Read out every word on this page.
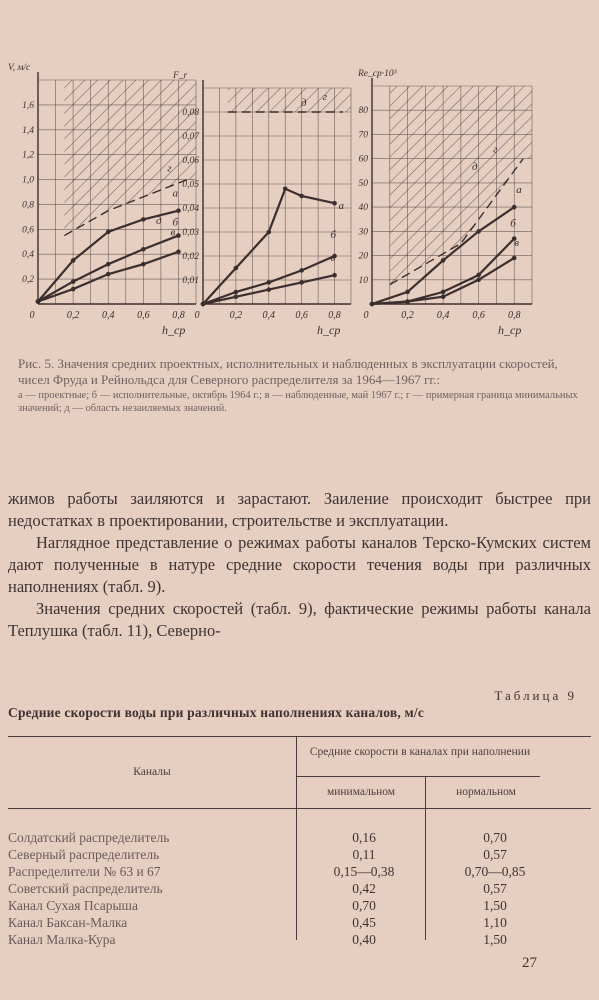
0,2
0,4
0,6
0,8
1,0
1,2
1,4
1,6
0	0,2 0,4 0,6 0,8
V, м/с
h_ср
а
б
в
г
д
0,01
0,02
0,03
0,04
0,05
0,06
0,07
0,08
0	0,2 0,4 0,6 0,8
F_r
h_ср
а
б
в
г
д
10
20
30
40
50
60
70
80
0	0,2 0,4 0,6 0,8
Re_ср·10³
h_ср
а
б
в
г
д
Рис. 5. Значения средних проектных, исполнительных и наблюденных в эксплуатации скоростей, чисел Фруда и Рейнольдса для Северного распределителя за 1964—1967 гг.:
а — проектные; б — исполнительные, октябрь 1964 г.; в — наблюденные, май 1967 г.; г — примерная граница минимальных значений; д — область незаиляемых значений.

жимов работы заиляются и зарастают. Заиление происходит быстрее при недостатках в проектировании, строительстве и эксплуатации.

Наглядное представление о режимах работы каналов Терско-Кумских систем дают полученные в натуре средние скорости течения воды при различных наполнениях (табл. 9).

Значения средних скоростей (табл. 9), фактические режимы работы канала Теплушка (табл. 11), Северно-

Таблица 9
Средние скорости воды при различных наполнениях каналов, м/с
Каналы
Средние скорости в каналах при наполнении
минимальном	нормальном
Солдатский распределитель	0,16	0,70
Северный распределитель	0,11	0,57
Распределители № 63 и 67	0,15—0,38	0,70—0,85
Советский распределитель	0,42	0,57
Канал Сухая Псарыша	0,70	1,50
Канал Баксан-Малка	0,45	1,10
Канал Малка-Кура	0,40	1,50
27
